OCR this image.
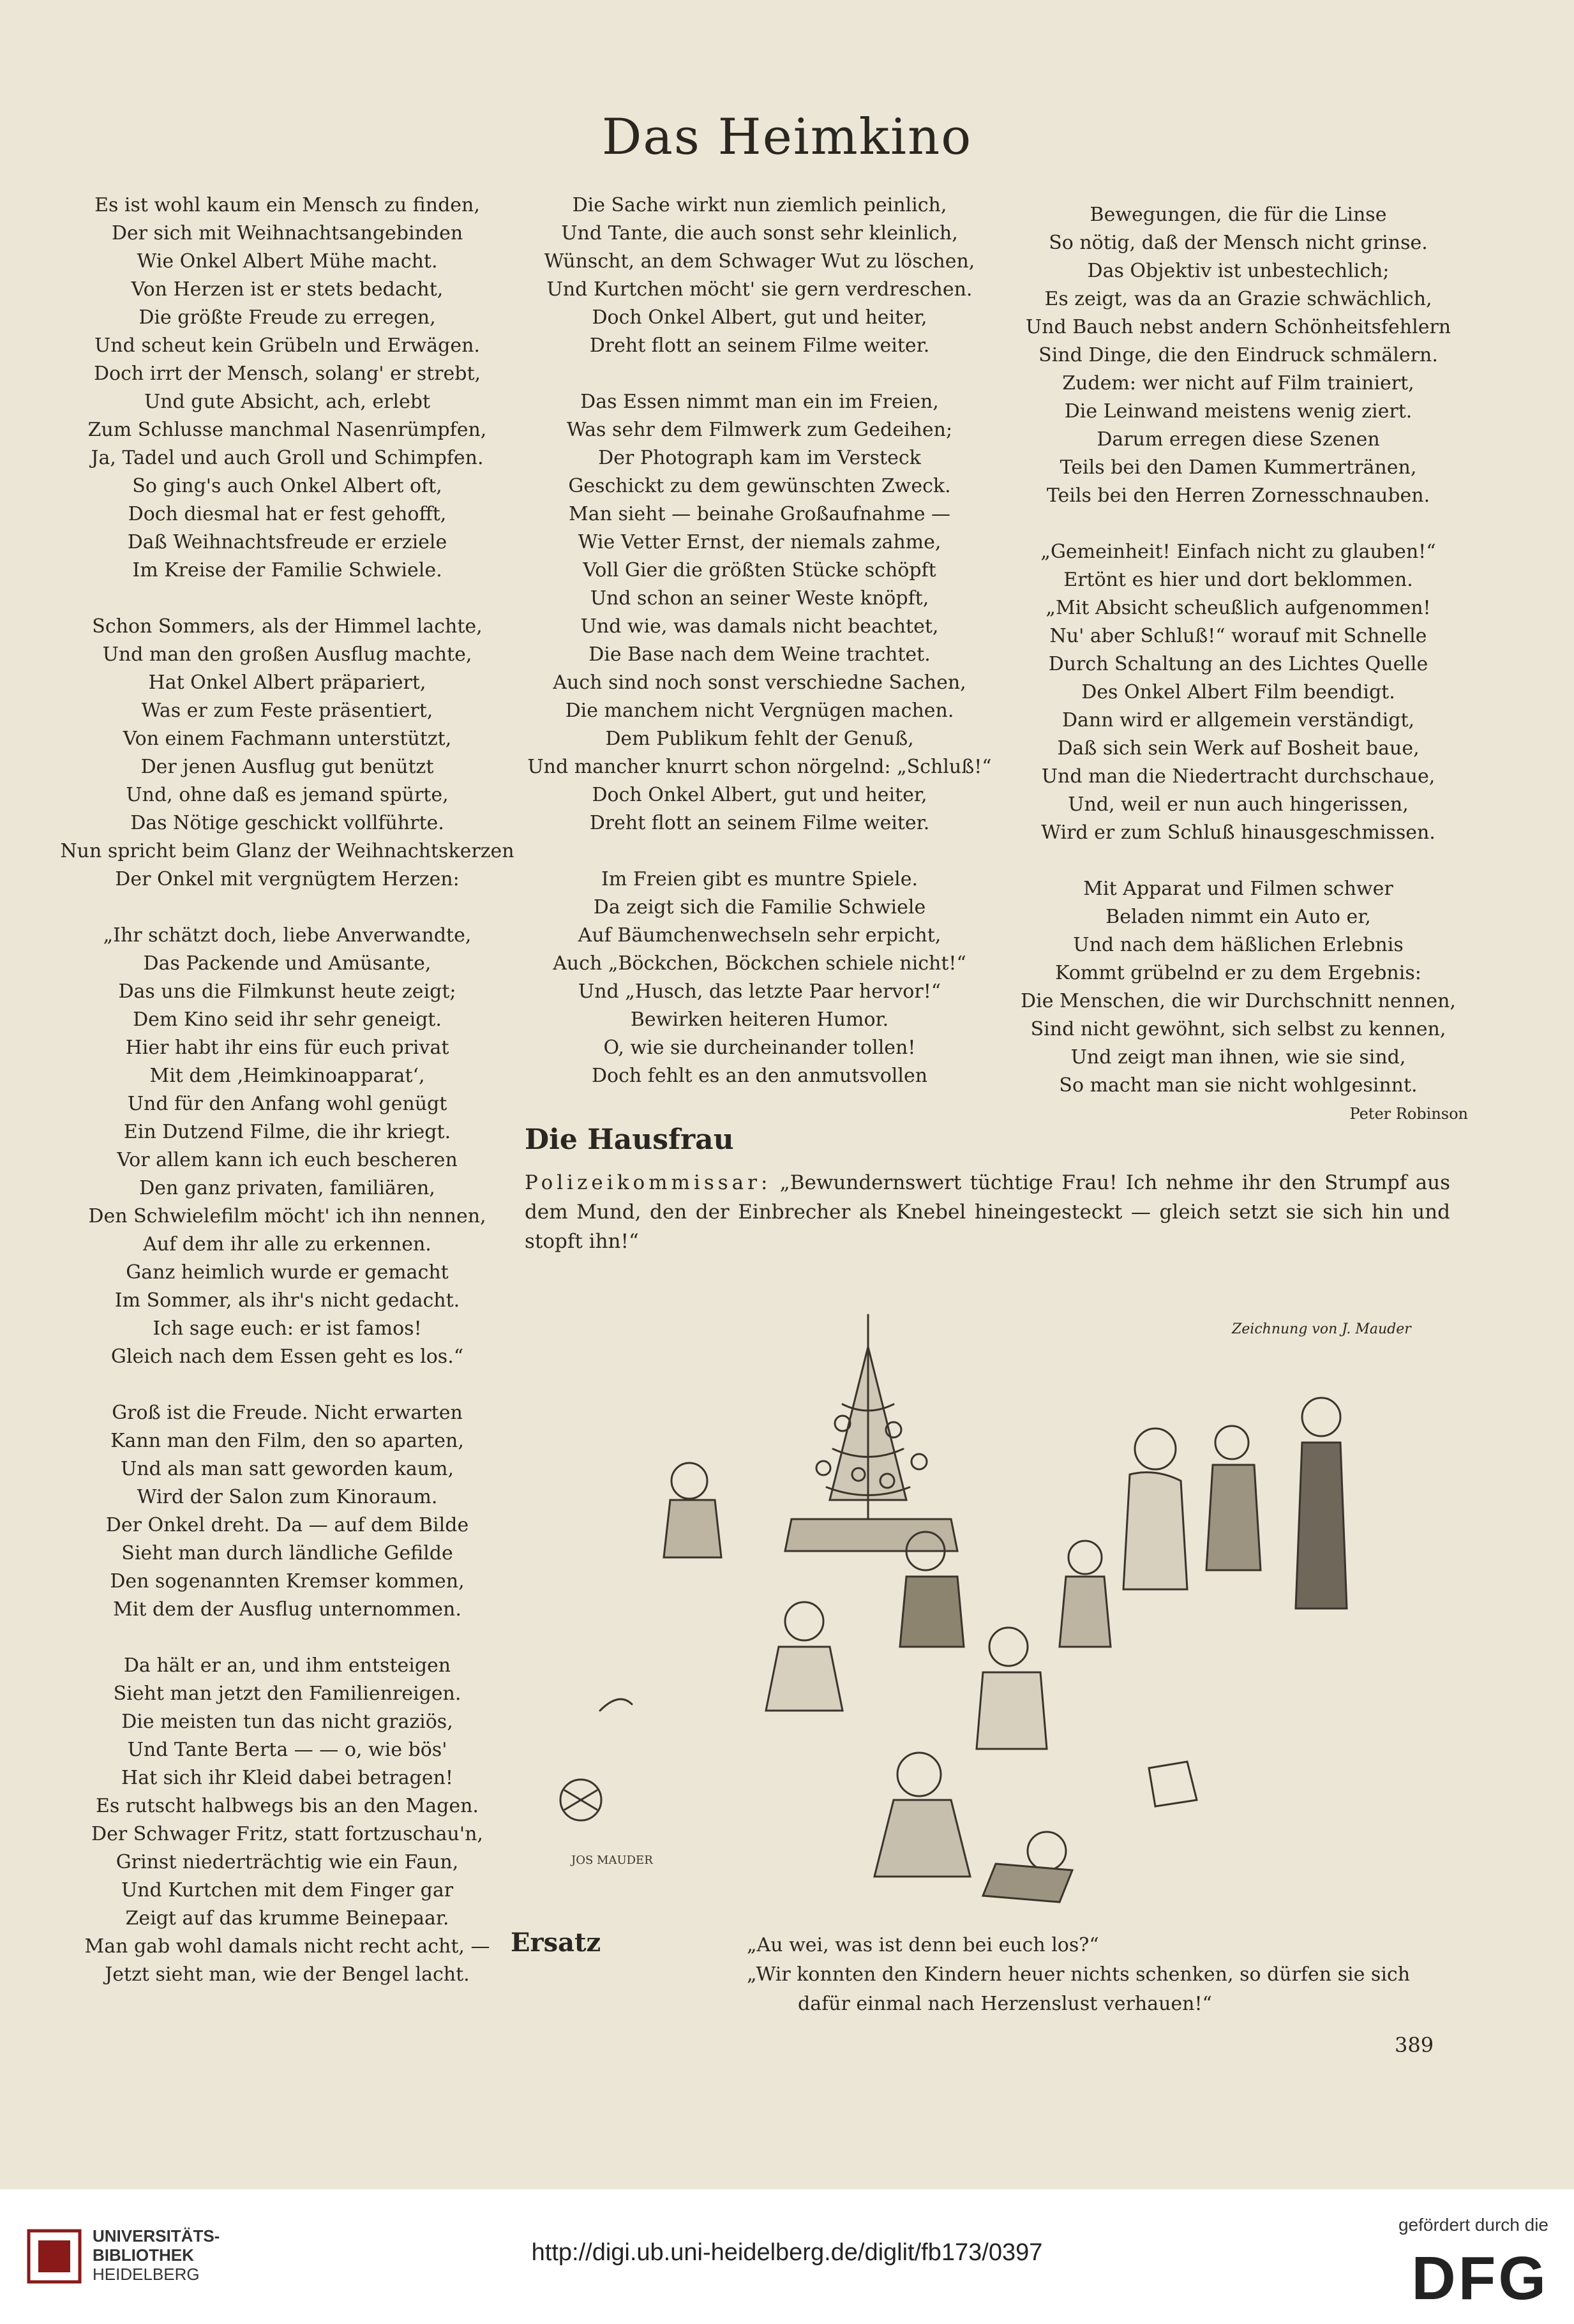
Das Heimkino
Es ist wohl kaum ein Mensch zu finden,
Der sich mit Weihnachtsangebinden
Wie Onkel Albert Mühe macht.
Von Herzen ist er stets bedacht,
Die größte Freude zu erregen,
Und scheut kein Grübeln und Erwägen.
Doch irrt der Mensch, solang' er strebt,
Und gute Absicht, ach, erlebt
Zum Schlusse manchmal Nasenrümpfen,
Ja, Tadel und auch Groll und Schimpfen.
So ging's auch Onkel Albert oft,
Doch diesmal hat er fest gehofft,
Daß Weihnachtsfreude er erziele
Im Kreise der Familie Schwiele.
Schon Sommers, als der Himmel lachte,
Und man den großen Ausflug machte,
Hat Onkel Albert präpariert,
Was er zum Feste präsentiert,
Von einem Fachmann unterstützt,
Der jenen Ausflug gut benützt
Und, ohne daß es jemand spürte,
Das Nötige geschickt vollführte.
Nun spricht beim Glanz der Weihnachtskerzen
Der Onkel mit vergnügtem Herzen:
„Ihr schätzt doch, liebe Anverwandte,
Das Packende und Amüsante,
Das uns die Filmkunst heute zeigt;
Dem Kino seid ihr sehr geneigt.
Hier habt ihr eins für euch privat
Mit dem ‚Heimkinoapparat‘,
Und für den Anfang wohl genügt
Ein Dutzend Filme, die ihr kriegt.
Vor allem kann ich euch bescheren
Den ganz privaten, familiären,
Den Schwielefilm möcht' ich ihn nennen,
Auf dem ihr alle zu erkennen.
Ganz heimlich wurde er gemacht
Im Sommer, als ihr's nicht gedacht.
Ich sage euch: er ist famos!
Gleich nach dem Essen geht es los.“
Groß ist die Freude. Nicht erwarten
Kann man den Film, den so aparten,
Und als man satt geworden kaum,
Wird der Salon zum Kinoraum.
Der Onkel dreht. Da — auf dem Bilde
Sieht man durch ländliche Gefilde
Den sogenannten Kremser kommen,
Mit dem der Ausflug unternommen.
Da hält er an, und ihm entsteigen
Sieht man jetzt den Familienreigen.
Die meisten tun das nicht graziös,
Und Tante Berta — — o, wie bös'
Hat sich ihr Kleid dabei betragen!
Es rutscht halbwegs bis an den Magen.
Der Schwager Fritz, statt fortzuschau'n,
Grinst niederträchtig wie ein Faun,
Und Kurtchen mit dem Finger gar
Zeigt auf das krumme Beinepaar.
Man gab wohl damals nicht recht acht, —
Jetzt sieht man, wie der Bengel lacht.
Die Sache wirkt nun ziemlich peinlich,
Und Tante, die auch sonst sehr kleinlich,
Wünscht, an dem Schwager Wut zu löschen,
Und Kurtchen möcht' sie gern verdreschen.
Doch Onkel Albert, gut und heiter,
Dreht flott an seinem Filme weiter.
Das Essen nimmt man ein im Freien,
Was sehr dem Filmwerk zum Gedeihen;
Der Photograph kam im Versteck
Geschickt zu dem gewünschten Zweck.
Man sieht — beinahe Großaufnahme —
Wie Vetter Ernst, der niemals zahme,
Voll Gier die größten Stücke schöpft
Und schon an seiner Weste knöpft,
Und wie, was damals nicht beachtet,
Die Base nach dem Weine trachtet.
Auch sind noch sonst verschiedne Sachen,
Die manchem nicht Vergnügen machen.
Dem Publikum fehlt der Genuß,
Und mancher knurrt schon nörgelnd: „Schluß!“
Doch Onkel Albert, gut und heiter,
Dreht flott an seinem Filme weiter.
Im Freien gibt es muntre Spiele.
Da zeigt sich die Familie Schwiele
Auf Bäumchenwechseln sehr erpicht,
Auch „Böckchen, Böckchen schiele nicht!“
Und „Husch, das letzte Paar hervor!“
Bewirken heiteren Humor.
O, wie sie durcheinander tollen!
Doch fehlt es an den anmutsvollen
Bewegungen, die für die Linse
So nötig, daß der Mensch nicht grinse.
Das Objektiv ist unbestechlich;
Es zeigt, was da an Grazie schwächlich,
Und Bauch nebst andern Schönheitsfehlern
Sind Dinge, die den Eindruck schmälern.
Zudem: wer nicht auf Film trainiert,
Die Leinwand meistens wenig ziert.
Darum erregen diese Szenen
Teils bei den Damen Kummertränen,
Teils bei den Herren Zornesschnauben.
„Gemeinheit! Einfach nicht zu glauben!“
Ertönt es hier und dort beklommen.
„Mit Absicht scheußlich aufgenommen!
Nu' aber Schluß!“ worauf mit Schnelle
Durch Schaltung an des Lichtes Quelle
Des Onkel Albert Film beendigt.
Dann wird er allgemein verständigt,
Daß sich sein Werk auf Bosheit baue,
Und man die Niedertracht durchschaue,
Und, weil er nun auch hingerissen,
Wird er zum Schluß hinausgeschmissen.
Mit Apparat und Filmen schwer
Beladen nimmt ein Auto er,
Und nach dem häßlichen Erlebnis
Kommt grübelnd er zu dem Ergebnis:
Die Menschen, die wir Durchschnitt nennen,
Sind nicht gewöhnt, sich selbst zu kennen,
Und zeigt man ihnen, wie sie sind,
So macht man sie nicht wohlgesinnt.
Peter Robinson
Die Hausfrau
Polizeikommissar: „Bewundernswert tüchtige Frau! Ich nehme ihr den Strumpf aus dem Mund, den der Einbrecher als Knebel hineingesteckt — gleich setzt sie sich hin und stopft ihn!“
Zeichnung von J. Mauder
JOS MAUDER
Ersatz	„Au wei, was ist denn bei euch los?“
„Wir konnten den Kindern heuer nichts schenken, so dürfen sie sich
dafür einmal nach Herzenslust verhauen!“
389
UNIVERSITÄTS-
BIBLIOTHEK
HEIDELBERG
http://digi.ub.uni-heidelberg.de/diglit/fb173/0397
gefördert durch die
DFG
